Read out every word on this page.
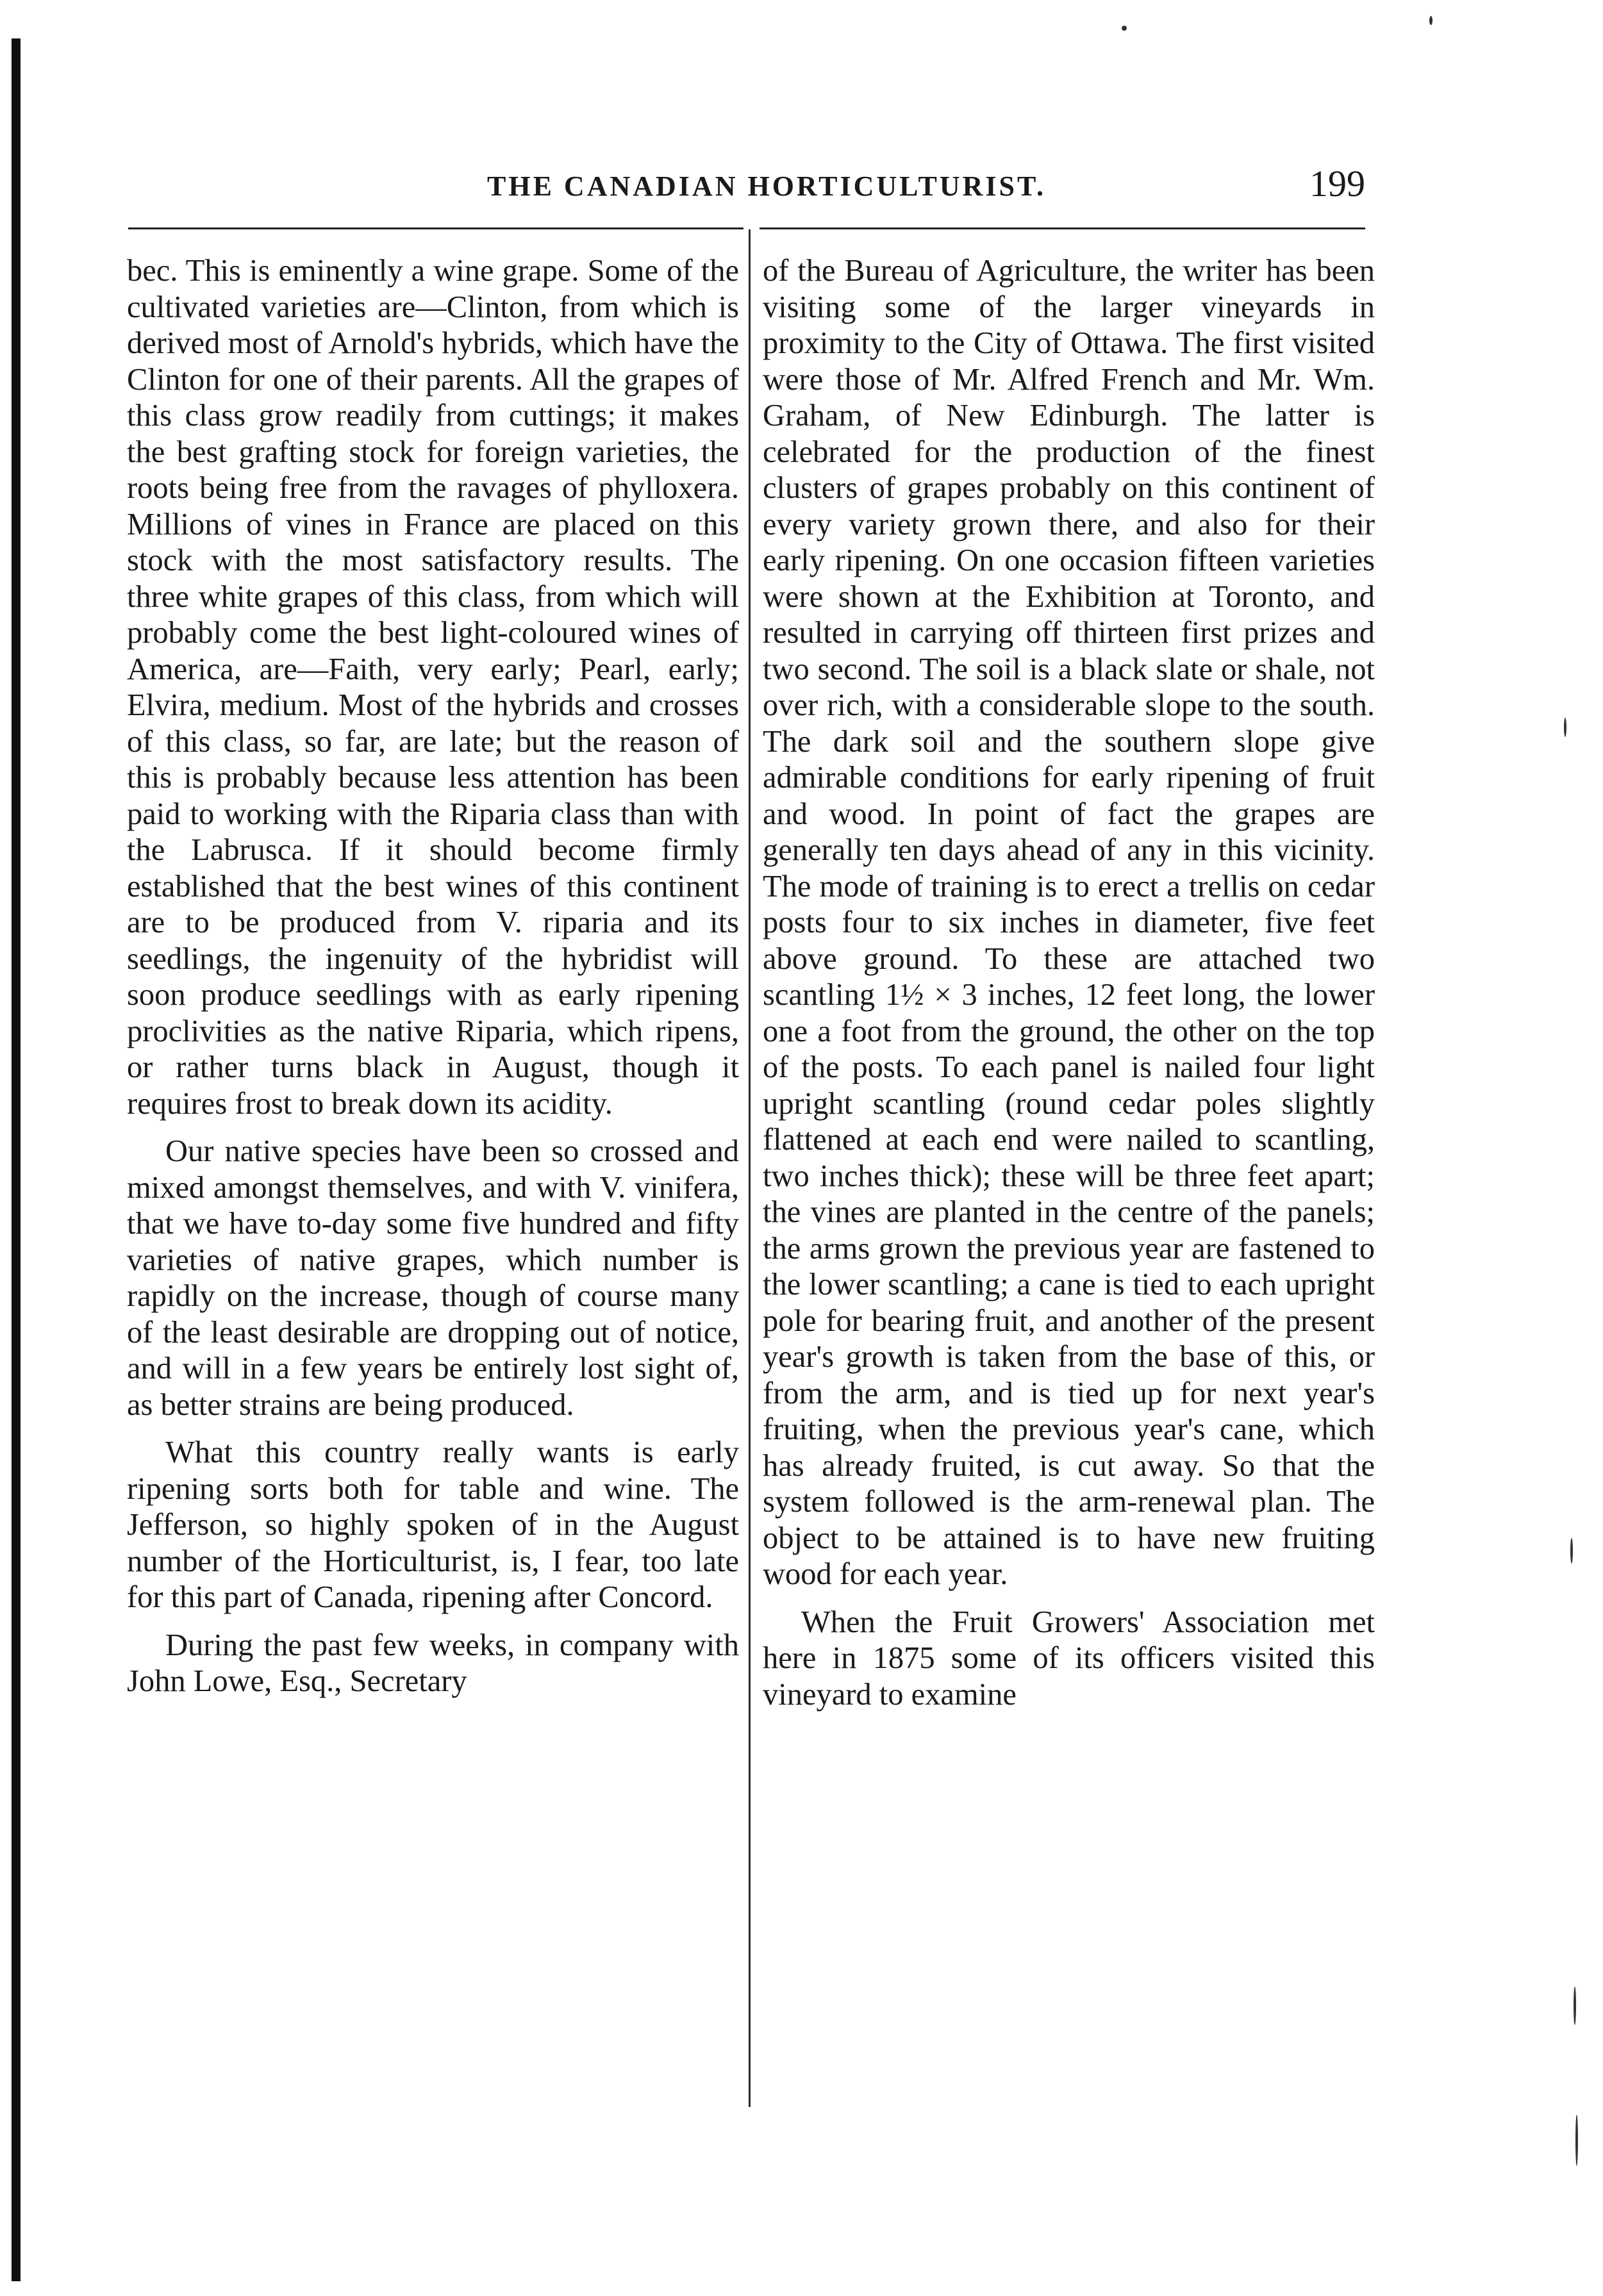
THE CANADIAN HORTICULTURIST.	199

bec. This is eminently a wine grape. Some of the cultivated varieties are—Clinton, from which is derived most of Arnold's hybrids, which have the Clinton for one of their parents. All the grapes of this class grow readily from cuttings; it makes the best grafting stock for foreign varieties, the roots being free from the ravages of phylloxera. Millions of vines in France are placed on this stock with the most satisfactory results. The three white grapes of this class, from which will probably come the best light-coloured wines of America, are—Faith, very early; Pearl, early; Elvira, medium. Most of the hybrids and crosses of this class, so far, are late; but the reason of this is probably because less attention has been paid to working with the Riparia class than with the Labrusca. If it should become firmly established that the best wines of this continent are to be produced from V. riparia and its seedlings, the ingenuity of the hybridist will soon produce seedlings with as early ripening proclivities as the native Riparia, which ripens, or rather turns black in August, though it requires frost to break down its acidity.

Our native species have been so crossed and mixed amongst themselves, and with V. vinifera, that we have to-day some five hundred and fifty varieties of native grapes, which number is rapidly on the increase, though of course many of the least desirable are dropping out of notice, and will in a few years be entirely lost sight of, as better strains are being produced.

What this country really wants is early ripening sorts both for table and wine. The Jefferson, so highly spoken of in the August number of the Horticulturist, is, I fear, too late for this part of Canada, ripening after Concord.

During the past few weeks, in company with John Lowe, Esq., Secretary

of the Bureau of Agriculture, the writer has been visiting some of the larger vineyards in proximity to the City of Ottawa. The first visited were those of Mr. Alfred French and Mr. Wm. Graham, of New Edinburgh. The latter is celebrated for the production of the finest clusters of grapes probably on this continent of every variety grown there, and also for their early ripening. On one occasion fifteen varieties were shown at the Exhibition at Toronto, and resulted in carrying off thirteen first prizes and two second. The soil is a black slate or shale, not over rich, with a considerable slope to the south. The dark soil and the southern slope give admirable conditions for early ripening of fruit and wood. In point of fact the grapes are generally ten days ahead of any in this vicinity. The mode of training is to erect a trellis on cedar posts four to six inches in diameter, five feet above ground. To these are attached two scantling 1½ × 3 inches, 12 feet long, the lower one a foot from the ground, the other on the top of the posts. To each panel is nailed four light upright scantling (round cedar poles slightly flattened at each end were nailed to scantling, two inches thick); these will be three feet apart; the vines are planted in the centre of the panels; the arms grown the previous year are fastened to the lower scantling; a cane is tied to each upright pole for bearing fruit, and another of the present year's growth is taken from the base of this, or from the arm, and is tied up for next year's fruiting, when the previous year's cane, which has already fruited, is cut away. So that the system followed is the arm-renewal plan. The object to be attained is to have new fruiting wood for each year.

When the Fruit Growers' Association met here in 1875 some of its officers visited this vineyard to examine
